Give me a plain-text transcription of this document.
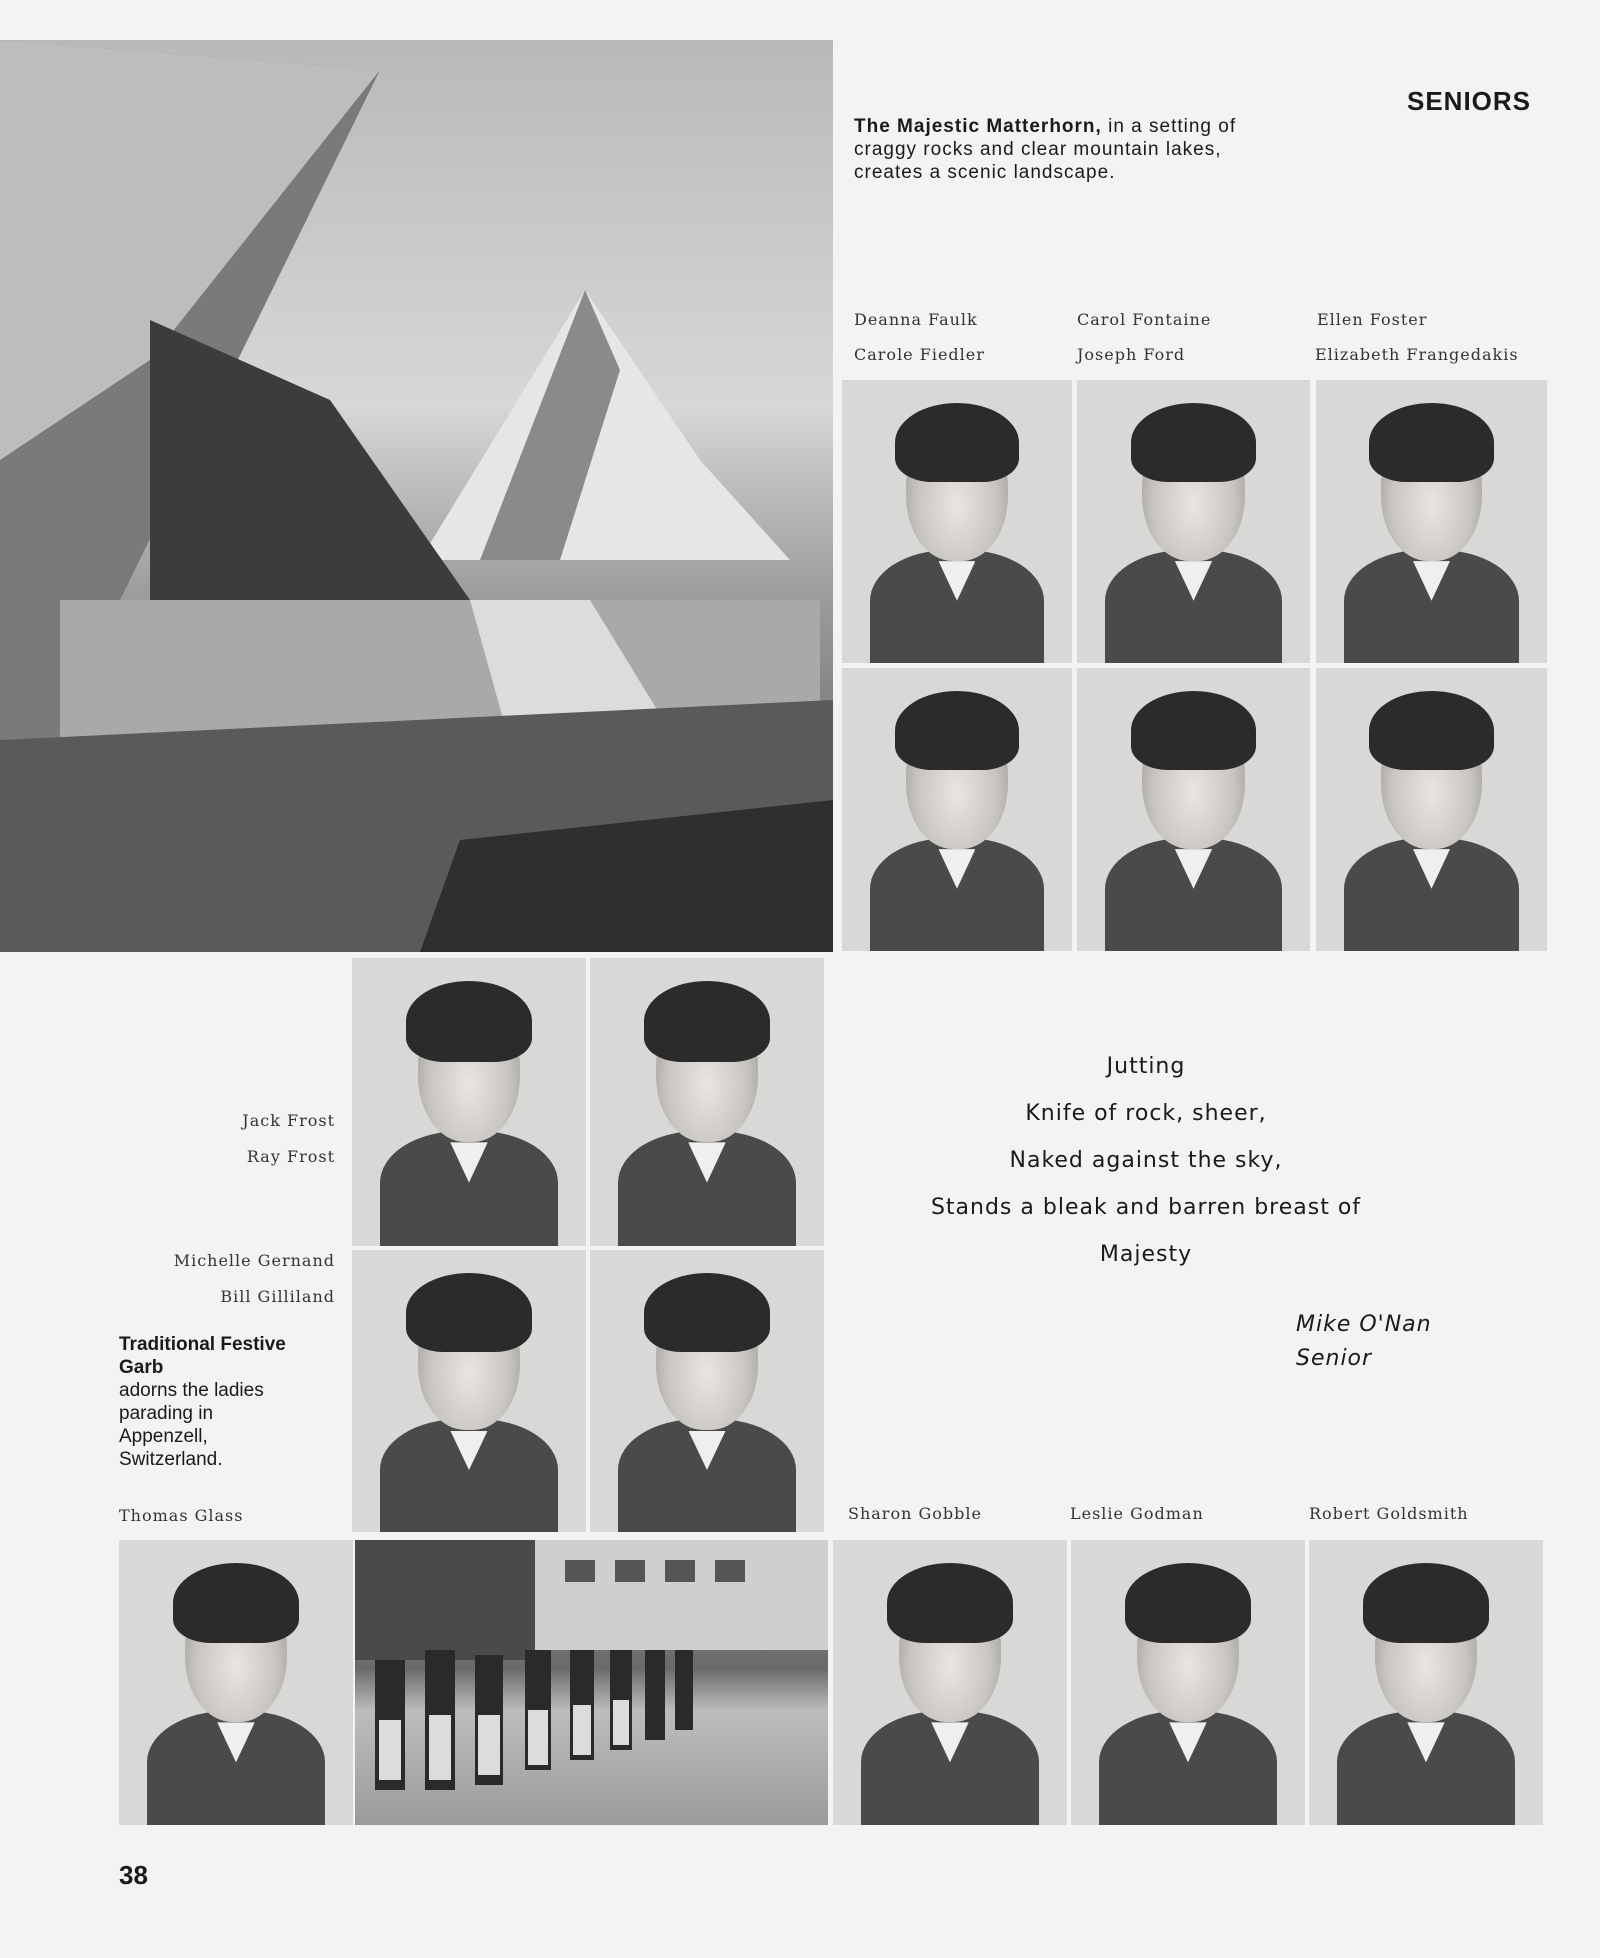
SENIORS
The Majestic Matterhorn, in a setting of craggy rocks and clear mountain lakes, creates a scenic landscape.
Deanna Faulk	Carol Fontaine	Ellen Foster
Carole Fiedler	Joseph Ford	Elizabeth Frangedakis
Jack Frost
Ray Frost
Michelle Gernand
Bill Gilliland
Traditional Festive Garb
adorns the ladies parading in Appenzell, Switzerland.
Jutting
Knife of rock, sheer,
Naked against the sky,
Stands a bleak and barren breast of
Majesty
Mike O'Nan
Senior
Thomas Glass	Sharon Gobble	Leslie Godman	Robert Goldsmith
38
